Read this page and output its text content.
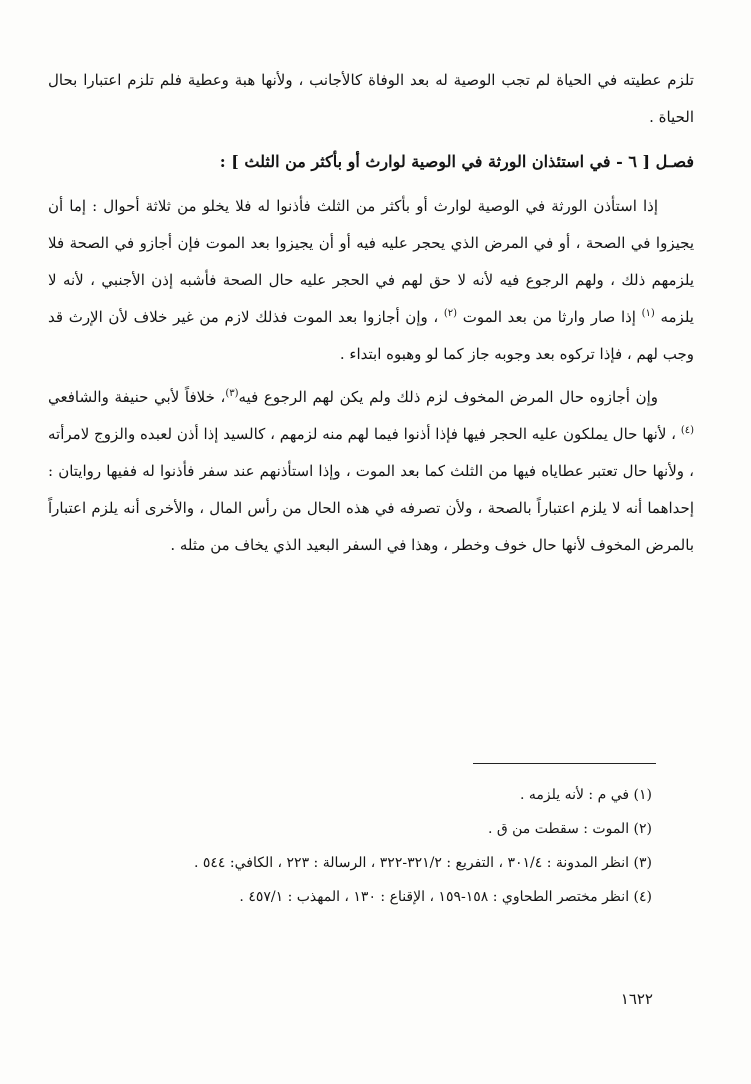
تلزم عطيته في الحياة لم تجب الوصية له بعد الوفاة كالأجانب ، ولأنها هبة وعطية فلم تلزم اعتبارا بحال الحياة .

فصـل [ ٦ - في استئذان الورثة في الوصية لوارث أو بأكثر من الثلث ] :

إذا استأذن الورثة في الوصية لوارث أو بأكثر من الثلث فأذنوا له فلا يخلو من ثلاثة أحوال : إما أن يجيزوا في الصحة ، أو في المرض الذي يحجر عليه فيه أو أن يجيزوا بعد الموت فإن أجازو في الصحة فلا يلزمهم ذلك ، ولهم الرجوع فيه لأنه لا حق لهم في الحجر عليه حال الصحة فأشبه إذن الأجنبي ، لأنه لا يلزمه $^{(١)}$ إذا صار وارثا من بعد الموت $^{(٢)}$ ، وإن أجازوا بعد الموت فذلك لازم من غير خلاف لأن الإرث قد وجب لهم ، فإذا تركوه بعد وجوبه جاز كما لو وهبوه ابتداء .

وإن أجازوه حال المرض المخوف لزم ذلك ولم يكن لهم الرجوع فيه$^{(٣)}$، خلافاً لأبي حنيفة والشافعي $^{(٤)}$ ، لأنها حال يملكون عليه الحجر فيها فإذا أذنوا فيما لهم منه لزمهم ، كالسيد إذا أذن لعبده والزوج لامرأته ، ولأنها حال تعتبر عطاياه فيها من الثلث كما بعد الموت ، وإذا استأذنهم عند سفر فأذنوا له ففيها روايتان : إحداهما أنه لا يلزم اعتباراً بالصحة ، ولأن تصرفه في هذه الحال من رأس المال ، والأخرى أنه يلزم اعتباراً بالمرض المخوف لأنها حال خوف وخطر ، وهذا في السفر البعيد الذي يخاف من مثله .

(١) في م : لأنه يلزمه .

(٢) الموت : سقطت من ق .

(٣) انظر المدونة : ٣٠١/٤ ، التفريع : ٣٢١/٢-٣٢٢ ، الرسالة : ٢٢٣ ، الكافي: ٥٤٤ .

(٤) انظر مختصر الطحاوي : ١٥٨-١٥٩ ، الإقناع : ١٣٠ ، المهذب : ٤٥٧/١ .

١٦٢٢
